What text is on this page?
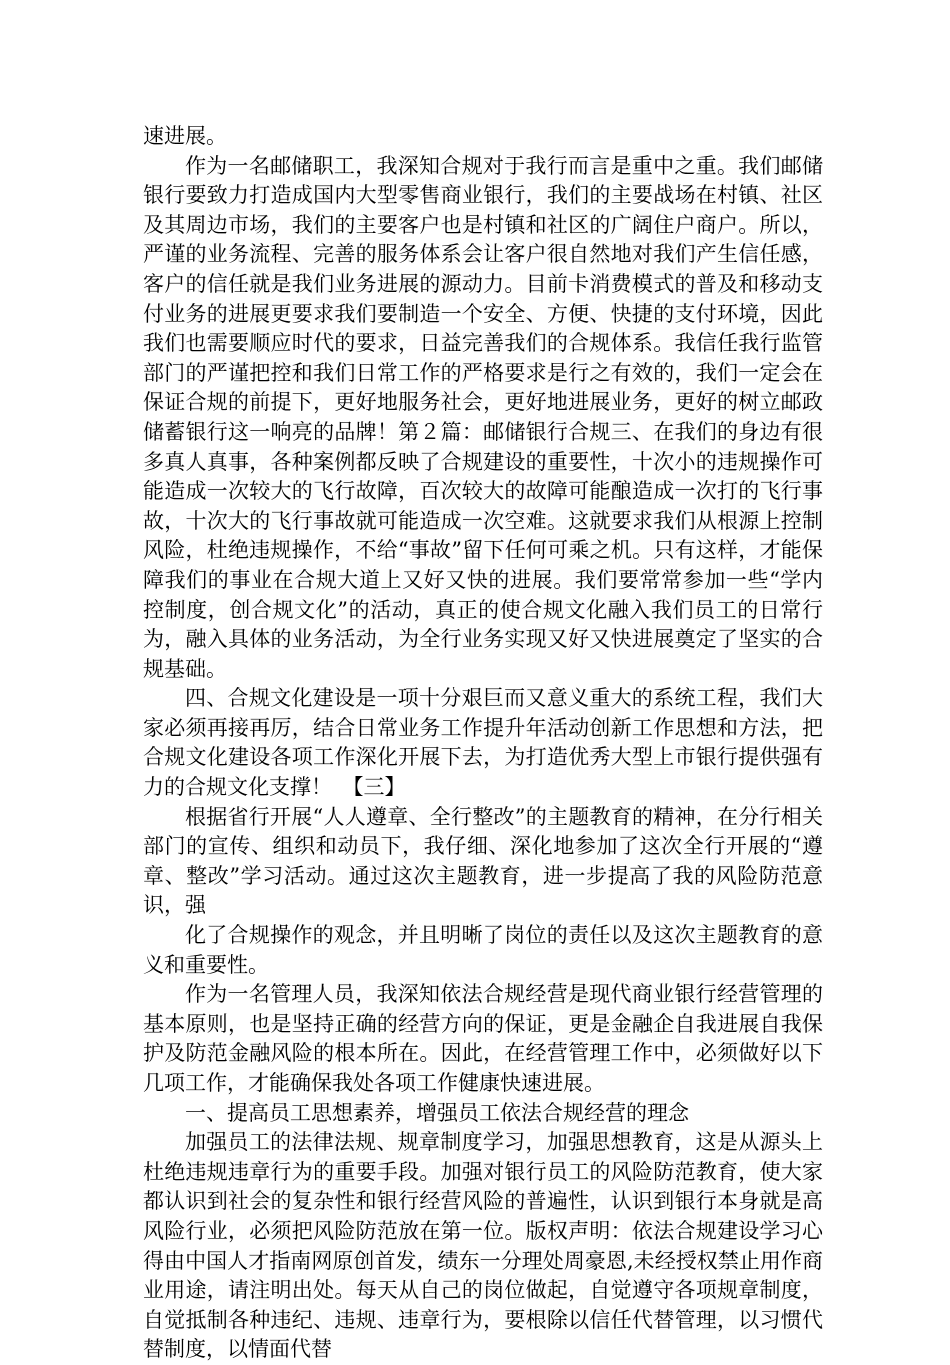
速进展。

作为一名邮储职工，我深知合规对于我行而言是重中之重。我们邮储银行要致力打造成国内大型零售商业银行，我们的主要战场在村镇、社区及其周边市场，我们的主要客户也是村镇和社区的广阔住户商户。所以，严谨的业务流程、完善的服务体系会让客户很自然地对我们产生信任感，客户的信任就是我们业务进展的源动力。目前卡消费模式的普及和移动支付业务的进展更要求我们要制造一个安全、方便、快捷的支付环境，因此我们也需要顺应时代的要求，日益完善我们的合规体系。我信任我行监管部门的严谨把控和我们日常工作的严格要求是行之有效的，我们一定会在保证合规的前提下，更好地服务社会，更好地进展业务，更好的树立邮政储蓄银行这一响亮的品牌！第２篇：邮储银行合规三、在我们的身边有很多真人真事，各种案例都反映了合规建设的重要性，十次小的违规操作可能造成一次较大的飞行故障，百次较大的故障可能酿造成一次打的飞行事故，十次大的飞行事故就可能造成一次空难。这就要求我们从根源上控制风险，杜绝违规操作，不给“事故”留下任何可乘之机。只有这样，才能保障我们的事业在合规大道上又好又快的进展。我们要常常参加一些“学内控制度，创合规文化”的活动，真正的使合规文化融入我们员工的日常行为，融入具体的业务活动，为全行业务实现又好又快进展奠定了坚实的合规基础。

四、合规文化建设是一项十分艰巨而又意义重大的系统工程，我们大家必须再接再厉，结合日常业务工作提升年活动创新工作思想和方法，把合规文化建设各项工作深化开展下去，为打造优秀大型上市银行提供强有力的合规文化支撑！　【三】

根据省行开展“人人遵章、全行整改”的主题教育的精神，在分行相关部门的宣传、组织和动员下，我仔细、深化地参加了这次全行开展的“遵章、整改”学习活动。通过这次主题教育，进一步提高了我的风险防范意识，强

化了合规操作的观念，并且明晰了岗位的责任以及这次主题教育的意义和重要性。

作为一名管理人员，我深知依法合规经营是现代商业银行经营管理的基本原则，也是坚持正确的经营方向的保证，更是金融企自我进展自我保护及防范金融风险的根本所在。因此，在经营管理工作中，必须做好以下几项工作，才能确保我处各项工作健康快速进展。

一、提高员工思想素养，增强员工依法合规经营的理念

加强员工的法律法规、规章制度学习，加强思想教育，这是从源头上杜绝违规违章行为的重要手段。加强对银行员工的风险防范教育，使大家都认识到社会的复杂性和银行经营风险的普遍性，认识到银行本身就是高风险行业，必须把风险防范放在第一位。版权声明：依法合规建设学习心得由中国人才指南网原创首发，绩东一分理处周豪恩,未经授权禁止用作商业用途，请注明出处。每天从自己的岗位做起，自觉遵守各项规章制度，自觉抵制各种违纪、违规、违章行为，要根除以信任代替管理，以习惯代替制度，以情面代替
